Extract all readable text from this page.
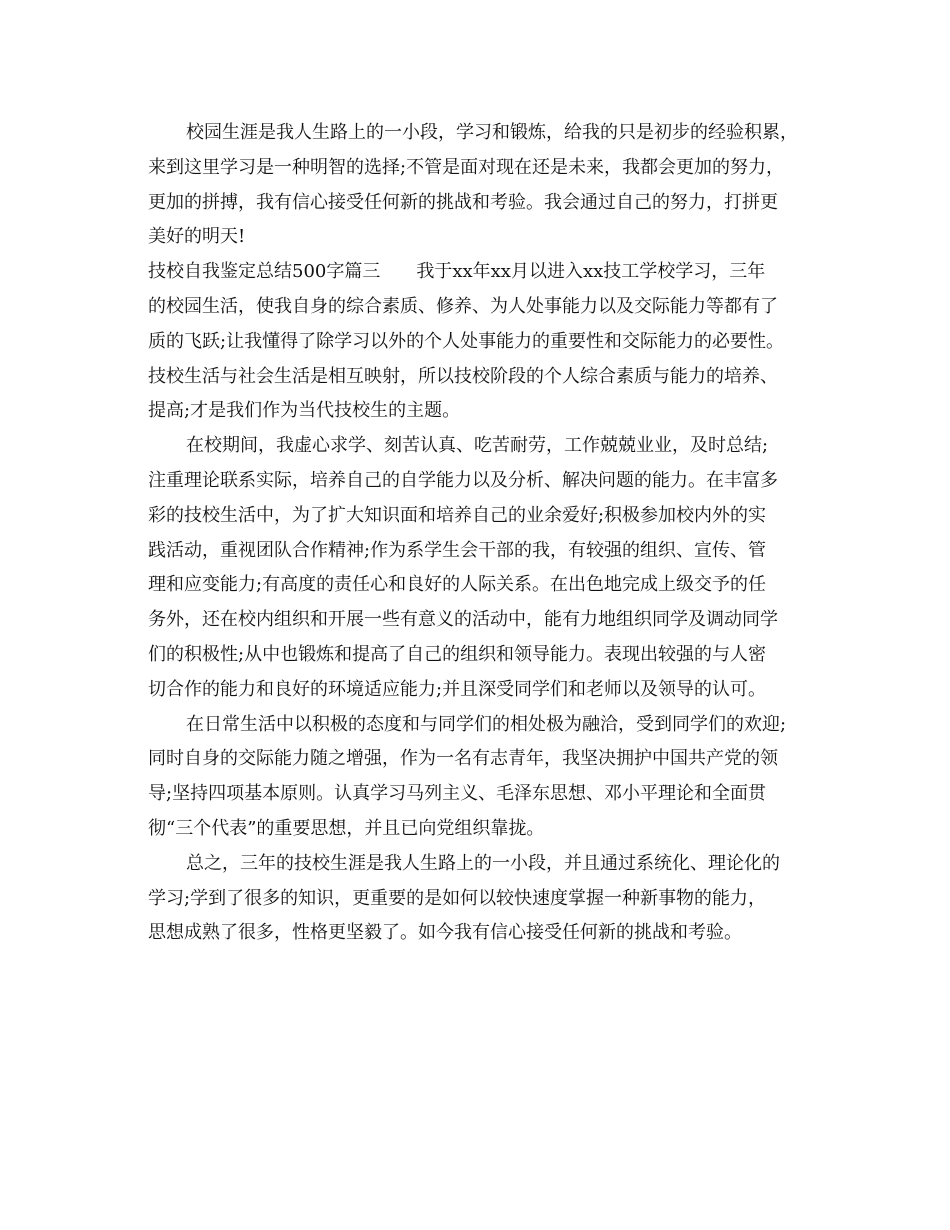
校园生涯是我人生路上的一小段，学习和锻炼，给我的只是初步的经验积累，
来到这里学习是一种明智的选择;不管是面对现在还是未来，我都会更加的努力，
更加的拼搏，我有信心接受任何新的挑战和考验。我会通过自己的努力，打拼更
美好的明天!
技校自我鉴定总结500字篇三　　我于xx年xx月以进入xx技工学校学习，三年
的校园生活，使我自身的综合素质、修养、为人处事能力以及交际能力等都有了
质的飞跃;让我懂得了除学习以外的个人处事能力的重要性和交际能力的必要性。
技校生活与社会生活是相互映射，所以技校阶段的个人综合素质与能力的培养、
提高;才是我们作为当代技校生的主题。
在校期间，我虚心求学、刻苦认真、吃苦耐劳，工作兢兢业业，及时总结;
注重理论联系实际，培养自己的自学能力以及分析、解决问题的能力。在丰富多
彩的技校生活中，为了扩大知识面和培养自己的业余爱好;积极参加校内外的实
践活动，重视团队合作精神;作为系学生会干部的我，有较强的组织、宣传、管
理和应变能力;有高度的责任心和良好的人际关系。在出色地完成上级交予的任
务外，还在校内组织和开展一些有意义的活动中，能有力地组织同学及调动同学
们的积极性;从中也锻炼和提高了自己的组织和领导能力。表现出较强的与人密
切合作的能力和良好的环境适应能力;并且深受同学们和老师以及领导的认可。
在日常生活中以积极的态度和与同学们的相处极为融洽，受到同学们的欢迎;
同时自身的交际能力随之增强，作为一名有志青年，我坚决拥护中国共产党的领
导;坚持四项基本原则。认真学习马列主义、毛泽东思想、邓小平理论和全面贯
彻“三个代表”的重要思想，并且已向党组织靠拢。
总之，三年的技校生涯是我人生路上的一小段，并且通过系统化、理论化的
学习;学到了很多的知识，更重要的是如何以较快速度掌握一种新事物的能力，
思想成熟了很多，性格更坚毅了。如今我有信心接受任何新的挑战和考验。
